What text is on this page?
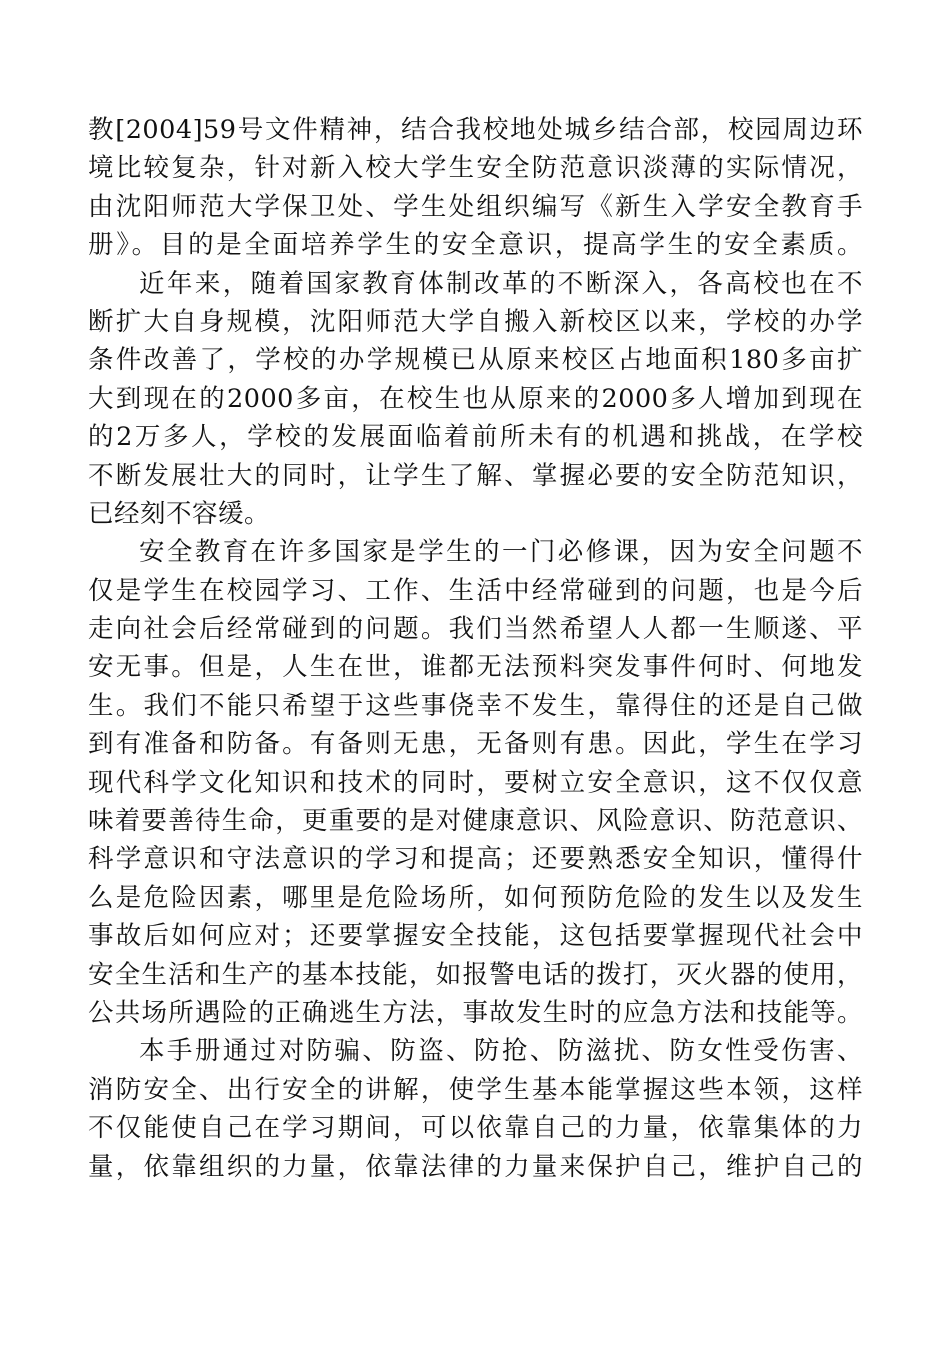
教[2004]59号文件精神，结合我校地处城乡结合部，校园周边环
境比较复杂，针对新入校大学生安全防范意识淡薄的实际情况，
由沈阳师范大学保卫处、学生处组织编写《新生入学安全教育手
册》。目的是全面培养学生的安全意识，提高学生的安全素质。
近年来，随着国家教育体制改革的不断深入，各高校也在不
断扩大自身规模，沈阳师范大学自搬入新校区以来，学校的办学
条件改善了，学校的办学规模已从原来校区占地面积180多亩扩
大到现在的2000多亩，在校生也从原来的2000多人增加到现在
的2万多人，学校的发展面临着前所未有的机遇和挑战，在学校
不断发展壮大的同时，让学生了解、掌握必要的安全防范知识，
已经刻不容缓。
安全教育在许多国家是学生的一门必修课，因为安全问题不
仅是学生在校园学习、工作、生活中经常碰到的问题，也是今后
走向社会后经常碰到的问题。我们当然希望人人都一生顺遂、平
安无事。但是，人生在世，谁都无法预料突发事件何时、何地发
生。我们不能只希望于这些事侥幸不发生，靠得住的还是自己做
到有准备和防备。有备则无患，无备则有患。因此，学生在学习
现代科学文化知识和技术的同时，要树立安全意识，这不仅仅意
味着要善待生命，更重要的是对健康意识、风险意识、防范意识、
科学意识和守法意识的学习和提高；还要熟悉安全知识，懂得什
么是危险因素，哪里是危险场所，如何预防危险的发生以及发生
事故后如何应对；还要掌握安全技能，这包括要掌握现代社会中
安全生活和生产的基本技能，如报警电话的拨打，灭火器的使用，
公共场所遇险的正确逃生方法，事故发生时的应急方法和技能等。
本手册通过对防骗、防盗、防抢、防滋扰、防女性受伤害、
消防安全、出行安全的讲解，使学生基本能掌握这些本领，这样
不仅能使自己在学习期间，可以依靠自己的力量，依靠集体的力
量，依靠组织的力量，依靠法律的力量来保护自己，维护自己的
